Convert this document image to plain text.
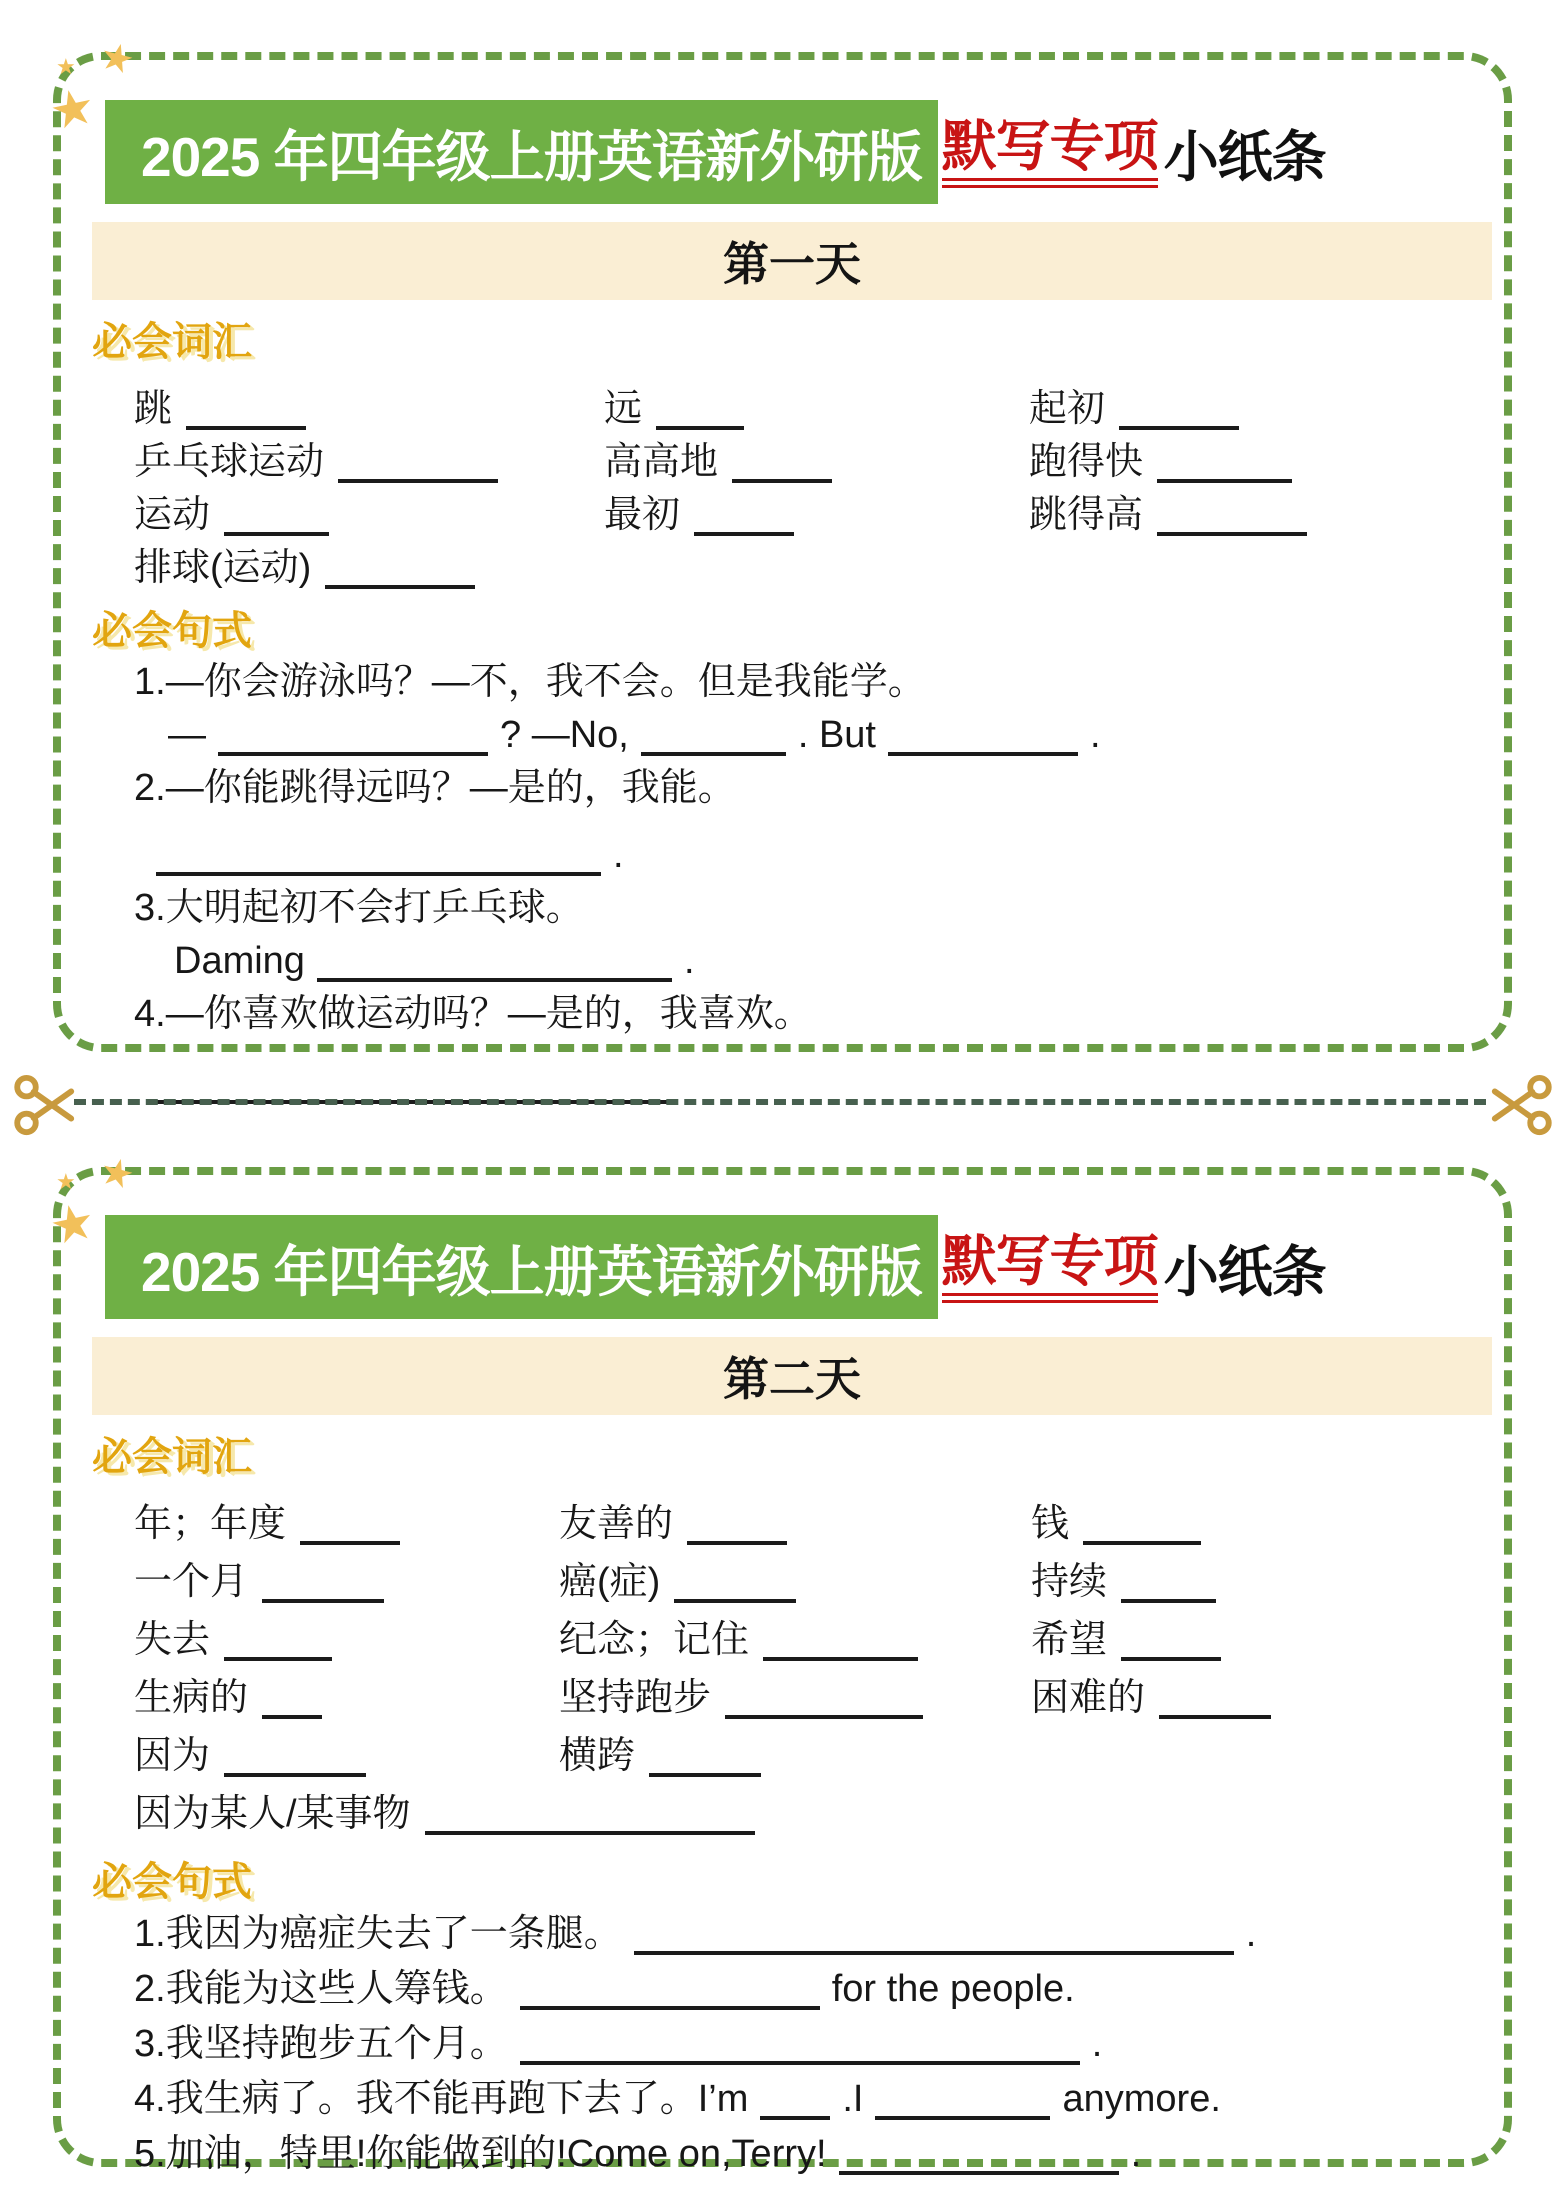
2025 年四年级上册英语新外研版 默写专项 小纸条
第一天
必会词汇
跳	远	起初
乒乓球运动	高高地	跑得快
运动	最初	跳得高
排球(运动)
必会句式
1.—你会游泳吗？—不，我不会。但是我能学。
—	? —No,	. But	.
2.—你能跳得远吗？—是的，我能。
.
3.大明起初不会打乒乓球。
Daming	.
4.—你喜欢做运动吗？—是的，我喜欢。
2025 年四年级上册英语新外研版 默写专项 小纸条
第二天
必会词汇
年；年度	友善的	钱
一个月	癌(症)	持续
失去	纪念；记住	希望
生病的	坚持跑步	困难的
因为	横跨
因为某人/某事物
必会句式
1.我因为癌症失去了一条腿。	.
2.我能为这些人筹钱。	for the people.
3.我坚持跑步五个月。	.
4.我生病了。我不能再跑下去了。I’m .I	anymore.
5.加油，特里!你能做到的!Come on,Terry!	.
★ ★
★
★ ★
★
